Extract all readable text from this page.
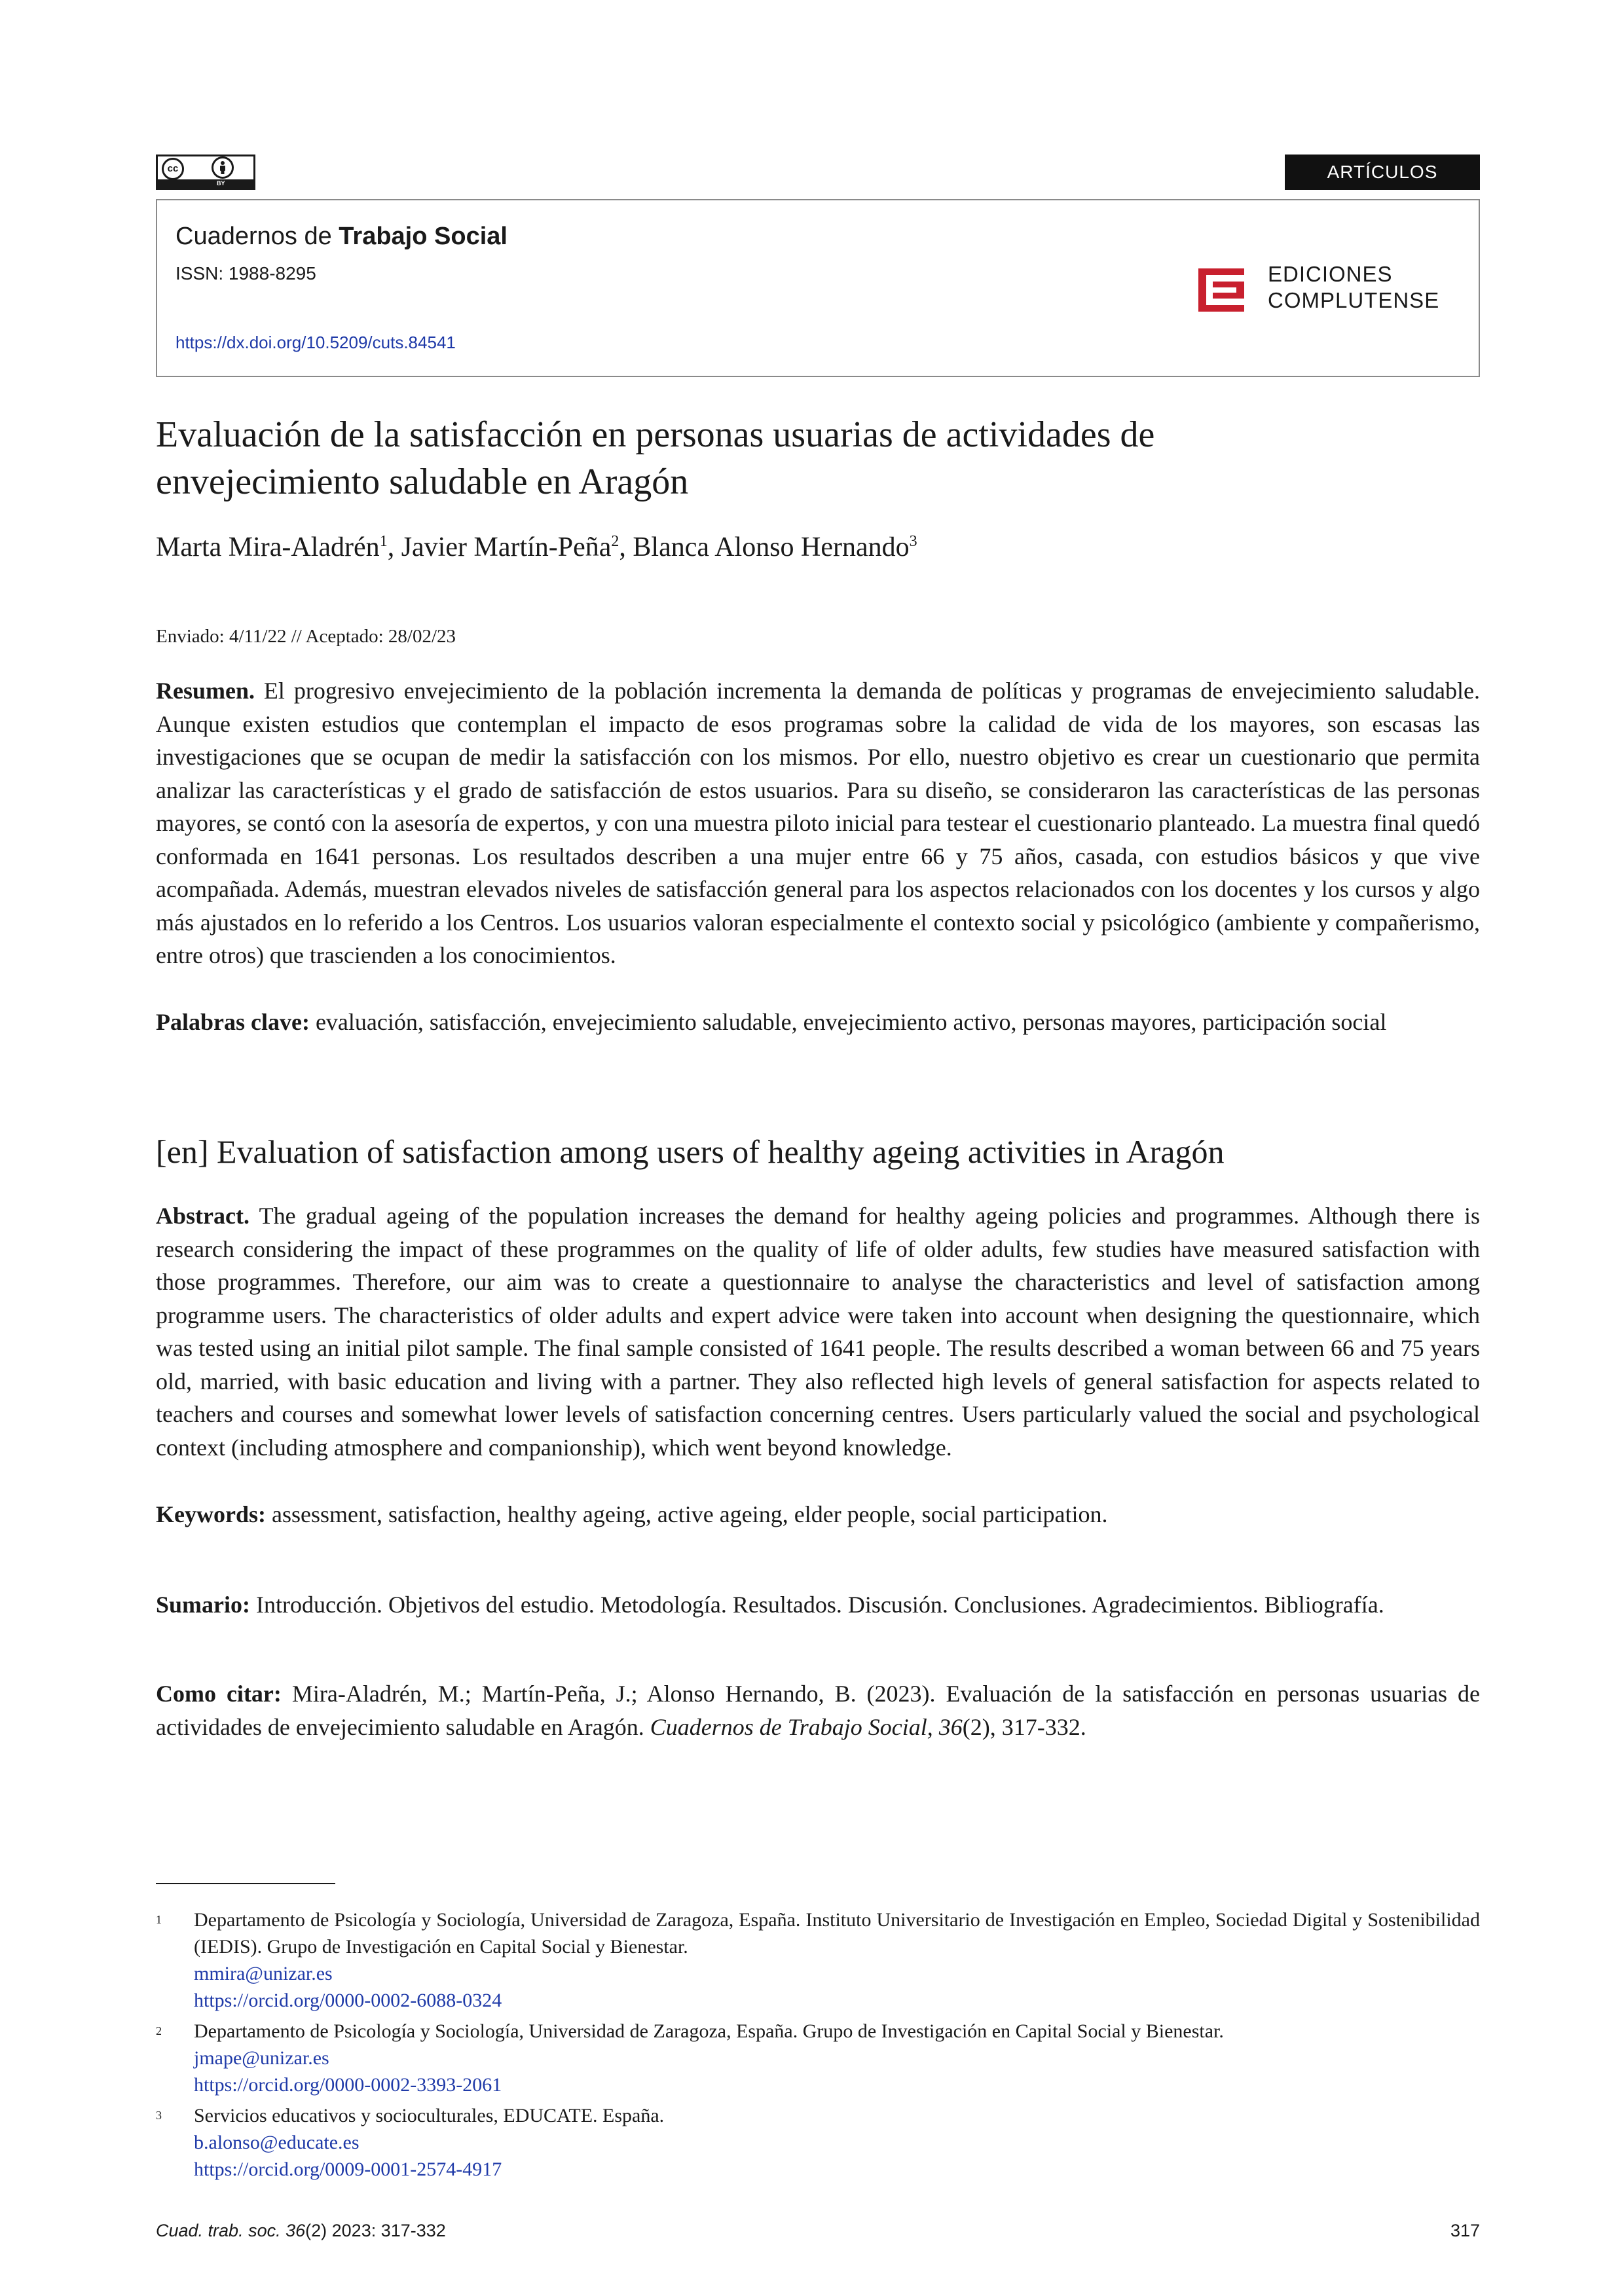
cc
BY
ARTÍCULOS
Cuadernos de Trabajo Social
ISSN: 1988-8295
https://dx.doi.org/10.5209/cuts.84541
EDICIONES
COMPLUTENSE
Evaluación de la satisfacción en personas usuarias de actividades de
envejecimiento saludable en Aragón
Marta Mira-Aladrén$^1$, Javier Martín-Peña$^2$, Blanca Alonso Hernando$^3$
Enviado: 4/11/22 // Aceptado: 28/02/23
Resumen. El progresivo envejecimiento de la población incrementa la demanda de políticas y programas de envejecimiento saludable. Aunque existen estudios que contemplan el impacto de esos programas sobre la calidad de vida de los mayores, son escasas las investigaciones que se ocupan de medir la satisfacción con los mismos. Por ello, nuestro objetivo es crear un cuestionario que permita analizar las características y el grado de satisfacción de estos usuarios. Para su diseño, se consideraron las características de las personas mayores, se contó con la asesoría de expertos, y con una muestra piloto inicial para testear el cuestionario planteado. La muestra final quedó conformada en 1641 personas. Los resultados describen a una mujer entre 66 y 75 años, casada, con estudios básicos y que vive acompañada. Además, muestran elevados niveles de satisfacción general para los aspectos relacionados con los docentes y los cursos y algo más ajustados en lo referido a los Centros. Los usuarios valoran especialmente el contexto social y psicológico (ambiente y compañerismo, entre otros) que trascienden a los conocimientos.
Palabras clave: evaluación, satisfacción, envejecimiento saludable, envejecimiento activo, personas mayores, participación social
[en] Evaluation of satisfaction among users of healthy ageing activities in Aragón
Abstract. The gradual ageing of the population increases the demand for healthy ageing policies and programmes. Although there is research considering the impact of these programmes on the quality of life of older adults, few studies have measured satisfaction with those programmes. Therefore, our aim was to create a questionnaire to analyse the characteristics and level of satisfaction among programme users. The characteristics of older adults and expert advice were taken into account when designing the questionnaire, which was tested using an initial pilot sample. The final sample consisted of 1641 people. The results described a woman between 66 and 75 years old, married, with basic education and living with a partner. They also reflected high levels of general satisfaction for aspects related to teachers and courses and somewhat lower levels of satisfaction concerning centres. Users particularly valued the social and psychological context (including atmosphere and companionship), which went beyond knowledge.
Keywords: assessment, satisfaction, healthy ageing, active ageing, elder people, social participation.
Sumario: Introducción. Objetivos del estudio. Metodología. Resultados. Discusión. Conclusiones. Agradecimientos. Bibliografía.
Como citar: Mira-Aladrén, M.; Martín-Peña, J.; Alonso Hernando, B. (2023). Evaluación de la satisfacción en personas usuarias de actividades de envejecimiento saludable en Aragón. Cuadernos de Trabajo Social, 36(2), 317-332.
1 Departamento de Psicología y Sociología, Universidad de Zaragoza, España. Instituto Universitario de Investigación en Empleo, Sociedad Digital y Sostenibilidad (IEDIS). Grupo de Investigación en Capital Social y Bienestar.
mmira@unizar.es
https://orcid.org/0000-0002-6088-0324
2 Departamento de Psicología y Sociología, Universidad de Zaragoza, España. Grupo de Investigación en Capital Social y Bienestar.
jmape@unizar.es
https://orcid.org/0000-0002-3393-2061
3 Servicios educativos y socioculturales, EDUCATE. España.
b.alonso@educate.es
https://orcid.org/0009-0001-2574-4917
Cuad. trab. soc. 36(2) 2023: 317-332	317
